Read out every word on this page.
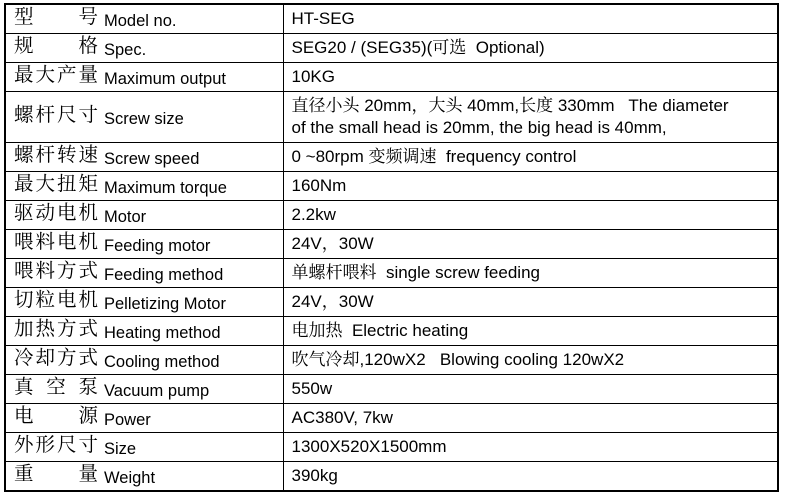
型号 Model no.	HT-SEG

规格 Spec.	SEG20 / (SEG35)(可选  Optional)

最大产量 Maximum output	10KG

螺杆尺寸 Screw size	直径小头 20mm，大头 40mm,长度 330mm   The diameter
of the small head is 20mm, the big head is 40mm,

螺杆转速 Screw speed	0 ~80rpm 变频调速  frequency control

最大扭矩 Maximum torque	160Nm

驱动电机 Motor	2.2kw

喂料电机 Feeding motor	24V，30W

喂料方式 Feeding method	单螺杆喂料  single screw feeding

切粒电机 Pelletizing Motor	24V，30W

加热方式 Heating method	电加热  Electric heating

冷却方式 Cooling method	吹气冷却,120wX2   Blowing cooling 120wX2

真空泵 Vacuum pump	550w

电源 Power	AC380V, 7kw

外形尺寸 Size	1300X520X1500mm

重量 Weight	390kg
